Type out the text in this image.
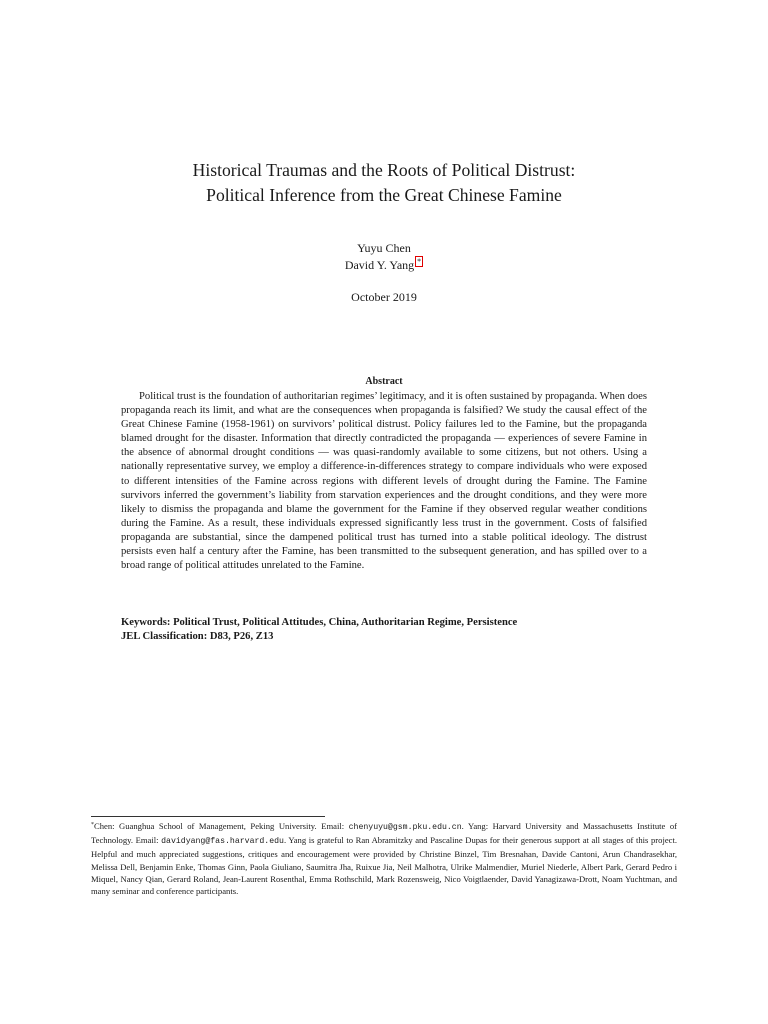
Historical Traumas and the Roots of Political Distrust:
Political Inference from the Great Chinese Famine
Yuyu Chen
David Y. Yang *
October 2019
Abstract

Political trust is the foundation of authoritarian regimes’ legitimacy, and it is often sustained by propaganda. When does propaganda reach its limit, and what are the consequences when propaganda is falsified? We study the causal effect of the Great Chinese Famine (1958-1961) on survivors’ political distrust. Policy failures led to the Famine, but the propaganda blamed drought for the disaster. Information that directly contradicted the propaganda — experiences of severe Famine in the absence of abnormal drought conditions — was quasi-randomly available to some citizens, but not others. Using a nationally representative survey, we employ a difference-in-differences strategy to compare individuals who were exposed to different intensities of the Famine across regions with different levels of drought during the Famine. The Famine survivors inferred the government’s liability from starvation experiences and the drought conditions, and they were more likely to dismiss the propaganda and blame the government for the Famine if they observed regular weather conditions during the Famine. As a result, these individuals expressed significantly less trust in the government. Costs of falsified propaganda are substantial, since the dampened political trust has turned into a stable political ideology. The distrust persists even half a century after the Famine, has been transmitted to the subsequent generation, and has spilled over to a broad range of political attitudes unrelated to the Famine.

Keywords: Political Trust, Political Attitudes, China, Authoritarian Regime, Persistence
JEL Classification: D83, P26, Z13

*Chen: Guanghua School of Management, Peking University. Email: chenyuyu@gsm.pku.edu.cn. Yang: Harvard University and Massachusetts Institute of Technology. Email: davidyang@fas.harvard.edu. Yang is grateful to Ran Abramitzky and Pascaline Dupas for their generous support at all stages of this project. Helpful and much appreciated suggestions, critiques and encouragement were provided by Christine Binzel, Tim Bresnahan, Davide Cantoni, Arun Chandrasekhar, Melissa Dell, Benjamin Enke, Thomas Ginn, Paola Giuliano, Saumitra Jha, Ruixue Jia, Neil Malhotra, Ulrike Malmendier, Muriel Niederle, Albert Park, Gerard Pedro i Miquel, Nancy Qian, Gerard Roland, Jean-Laurent Rosenthal, Emma Rothschild, Mark Rozensweig, Nico Voigtlaender, David Yanagizawa-Drott, Noam Yuchtman, and many seminar and conference participants.
